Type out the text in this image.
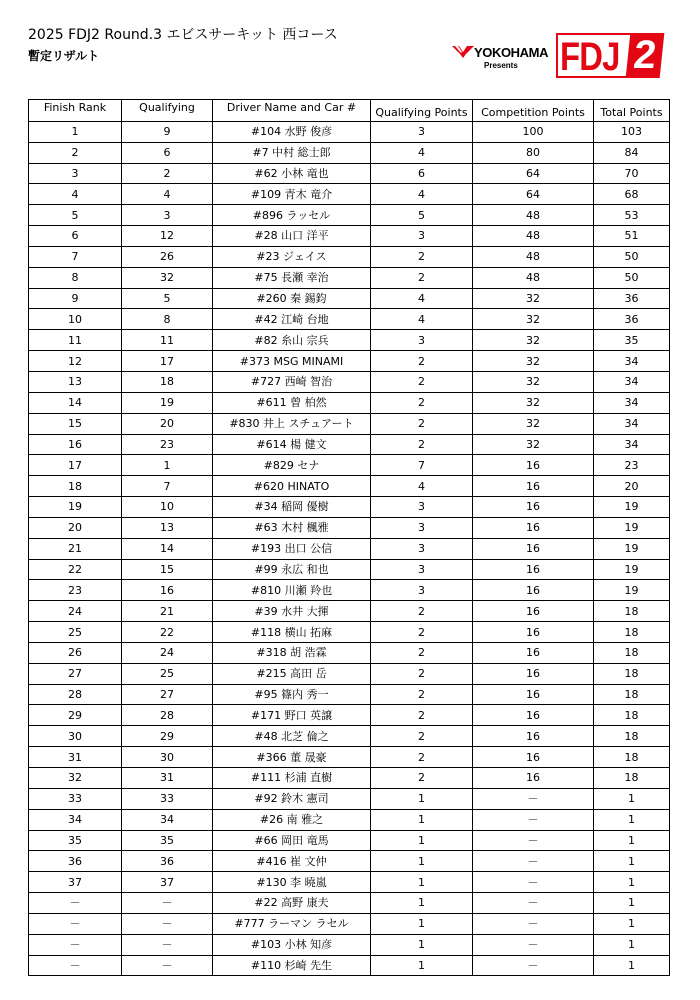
2025 FDJ2 Round.3 エビスサーキット 西コース
暫定リザルト	YOKOHAMA
Presents FDJ 2
Finish Rank	Qualifying	Driver Name and Car #	Qualifying Points	Competition Points	Total Points
1	9	#104 水野 俊彦	3	100	103
2	6	#7 中村 総士郎	4	80	84
3	2	#62 小林 竜也	6	64	70
4	4	#109 青木 竜介	4	64	68
5	3	#896 ラッセル	5	48	53
6	12	#28 山口 洋平	3	48	51
7	26	#23 ジェイス	2	48	50
8	32	#75 長瀬 幸治	2	48	50
9	5	#260 秦 錫鈞	4	32	36
10	8	#42 江崎 台地	4	32	36
11	11	#82 糸山 宗兵	3	32	35
12	17	#373 MSG MINAMI	2	32	34
13	18	#727 西崎 智治	2	32	34
14	19	#611 曾 柏然	2	32	34
15	20	#830 井上 スチュアート	2	32	34
16	23	#614 楊 健文	2	32	34
17	1	#829 セナ	7	16	23
18	7	#620 HINATO	4	16	20
19	10	#34 稲岡 優樹	3	16	19
20	13	#63 木村 楓雅	3	16	19
21	14	#193 出口 公信	3	16	19
22	15	#99 永広 和也	3	16	19
23	16	#810 川瀬 羚也	3	16	19
24	21	#39 水井 大揮	2	16	18
25	22	#118 横山 拓麻	2	16	18
26	24	#318 胡 浩霖	2	16	18
27	25	#215 高田 岳	2	16	18
28	27	#95 篠内 秀一	2	16	18
29	28	#171 野口 英譲	2	16	18
30	29	#48 北芝 倫之	2	16	18
31	30	#366 董 晟豪	2	16	18
32	31	#111 杉浦 直樹	2	16	18
33	33	#92 鈴木 憲司	1	－	1
34	34	#26 南 雅之	1	－	1
35	35	#66 岡田 竜馬	1	－	1
36	36	#416 崔 文仲	1	－	1
37	37	#130 李 曉嵐	1	－	1
－	－	#22 高野 康夫	1	－	1
－	－	#777 ラーマン ラセル	1	－	1
－	－	#103 小林 知彦	1	－	1
－	－	#110 杉崎 先生	1	－	1
